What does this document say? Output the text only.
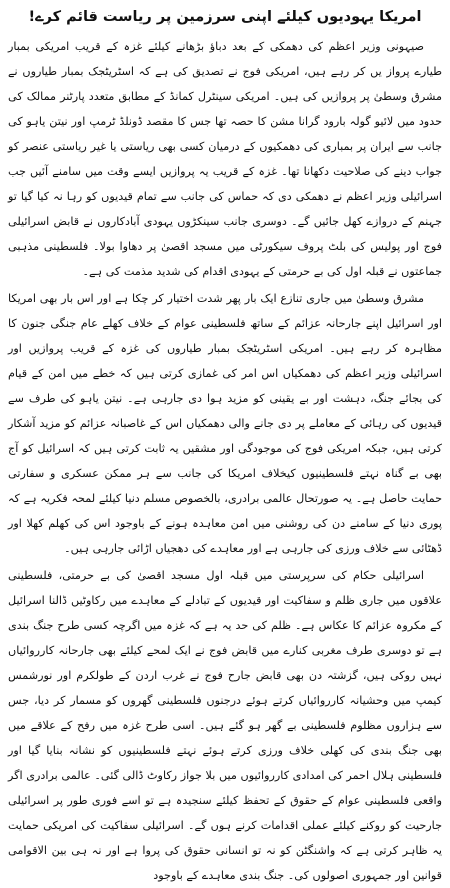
امریکا یہودیوں کیلئے اپنی سرزمین پر ریاست قائم کرے!

صیہونی وزیر اعظم کی دھمکی کے بعد دباؤ بڑھانے کیلئے غزہ کے قریب امریکی بمبار طیارے پرواز یں کر رہے ہیں، امریکی فوج نے تصدیق کی ہے کہ اسٹریٹجک بمبار طیاروں نے مشرق وسطیٰ پر پروازیں کی ہیں۔ امریکی سینٹرل کمانڈ کے مطابق متعدد پارٹنر ممالک کی حدود میں لائیو گولہ بارود گرانا مشن کا حصہ تھا جس کا مقصد ڈونلڈ ٹرمپ اور نیتن یاہو کی جانب سے ایران پر بمباری کی دھمکیوں کے درمیان کسی بھی ریاستی یا غیر ریاستی عنصر کو جواب دینے کی صلاحیت دکھانا تھا۔ غزہ کے قریب یہ پروازیں ایسے وقت میں سامنے آئیں جب اسرائیلی وزیر اعظم نے دھمکی دی کہ حماس کی جانب سے تمام قیدیوں کو رہا نہ کیا گیا تو جہنم کے دروازے کھل جائیں گے۔ دوسری جانب سینکڑوں یہودی آبادکاروں نے قابض اسرائیلی فوج اور پولیس کی بلٹ پروف سیکورٹی میں مسجد اقصیٰ پر دھاوا بولا۔ فلسطینی مذہبی جماعتوں نے قبلہ اول کی بے حرمتی کے یہودی اقدام کی شدید مذمت کی ہے۔

مشرق وسطیٰ میں جاری تنازع ایک بار پھر شدت اختیار کر چکا ہے اور اس بار بھی امریکا اور اسرائیل اپنے جارحانہ عزائم کے ساتھ فلسطینی عوام کے خلاف کھلے عام جنگی جنون کا مظاہرہ کر رہے ہیں۔ امریکی اسٹریٹجک بمبار طیاروں کی غزہ کے قریب پروازیں اور اسرائیلی وزیر اعظم کی دھمکیاں اس امر کی غمازی کرتی ہیں کہ خطے میں امن کے قیام کی بجائے جنگ، دہشت اور بے یقینی کو مزید ہوا دی جارہی ہے۔ نیتن یاہو کی طرف سے قیدیوں کی رہائی کے معاملے پر دی جانے والی دھمکیاں اس کے غاصبانہ عزائم کو مزید آشکار کرتی ہیں، جبکہ امریکی فوج کی موجودگی اور مشقیں یہ ثابت کرتی ہیں کہ اسرائیل کو آج بھی بے گناہ نہتے فلسطینیوں کیخلاف امریکا کی جانب سے ہر ممکن عسکری و سفارتی حمایت حاصل ہے۔ یہ صورتحال عالمی برادری، بالخصوص مسلم دنیا کیلئے لمحہ فکریہ ہے کہ پوری دنیا کے سامنے دن کی روشنی میں امن معاہدہ ہونے کے باوجود اس کی کھلم کھلا اور ڈھٹائی سے خلاف ورزی کی جارہی ہے اور معاہدے کی دھجیاں اڑائی جارہی ہیں۔

اسرائیلی حکام کی سرپرستی میں قبلہ اول مسجد اقصیٰ کی بے حرمتی، فلسطینی علاقوں میں جاری ظلم و سفاکیت اور قیدیوں کے تبادلے کے معاہدے میں رکاوٹیں ڈالنا اسرائیل کے مکروہ عزائم کا عکاس ہے۔ ظلم کی حد یہ ہے کہ غزہ میں اگرچہ کسی طرح جنگ بندی ہے تو دوسری طرف مغربی کنارے میں قابض فوج نے ایک لمحے کیلئے بھی جارحانہ کارروائیاں نہیں روکی ہیں، گزشتہ دن بھی قابض جارح فوج نے غرب اردن کے طولکرم اور نورشمس کیمپ میں وحشیانہ کارروائیاں کرتے ہوئے درجنوں فلسطینی گھروں کو مسمار کر دیا، جس سے ہزاروں مظلوم فلسطینی بے گھر ہو گئے ہیں۔ اسی طرح غزہ میں رفح کے علاقے میں بھی جنگ بندی کی کھلی خلاف ورزی کرتے ہوئے نہتے فلسطینیوں کو نشانہ بنایا گیا اور فلسطینی ہلال احمر کی امدادی کارروائیوں میں بلا جواز رکاوٹ ڈالی گئی۔ عالمی برادری اگر واقعی فلسطینی عوام کے حقوق کے تحفظ کیلئے سنجیدہ ہے تو اسے فوری طور پر اسرائیلی جارحیت کو روکنے کیلئے عملی اقدامات کرنے ہوں گے۔ اسرائیلی سفاکیت کی امریکی حمایت یہ ظاہر کرتی ہے کہ واشنگٹن کو نہ تو انسانی حقوق کی پروا ہے اور نہ ہی بین الاقوامی قوانین اور جمہوری اصولوں کی۔ جنگ بندی معاہدے کے باوجود
